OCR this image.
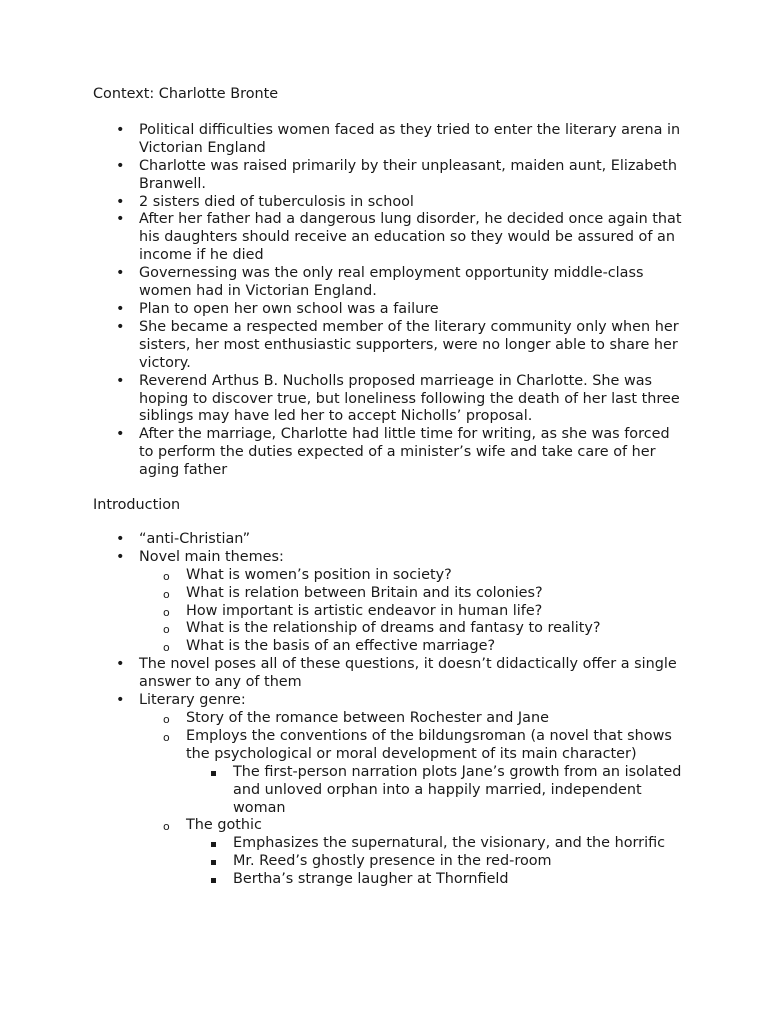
Context: Charlotte Bronte

• Political difficulties women faced as they tried to enter the literary arena in Victorian England
• Charlotte was raised primarily by their unpleasant, maiden aunt, Elizabeth Branwell.
• 2 sisters died of tuberculosis in school
• After her father had a dangerous lung disorder, he decided once again that his daughters should receive an education so they would be assured of an income if he died
• Governessing was the only real employment opportunity middle-class women had in Victorian England.
• Plan to open her own school was a failure
• She became a respected member of the literary community only when her sisters, her most enthusiastic supporters, were no longer able to share her victory.
• Reverend Arthus B. Nucholls proposed marrieage in Charlotte. She was hoping to discover true, but loneliness following the death of her last three siblings may have led her to accept Nicholls’ proposal.
• After the marriage, Charlotte had little time for writing, as she was forced to perform the duties expected of a minister’s wife and take care of her aging father

Introduction

• “anti-Christian”
• Novel main themes:
o What is women’s position in society?
o What is relation between Britain and its colonies?
o How important is artistic endeavor in human life?
o What is the relationship of dreams and fantasy to reality?
o What is the basis of an effective marriage?
• The novel poses all of these questions, it doesn’t didactically offer a single answer to any of them
• Literary genre:
o Story of the romance between Rochester and Jane
o Employs the conventions of the bildungsroman (a novel that shows the psychological or moral development of its main character)
The first-person narration plots Jane’s growth from an isolated and unloved orphan into a happily married, independent woman
o The gothic
Emphasizes the supernatural, the visionary, and the horrific
Mr. Reed’s ghostly presence in the red-room
Bertha’s strange laugher at Thornfield
